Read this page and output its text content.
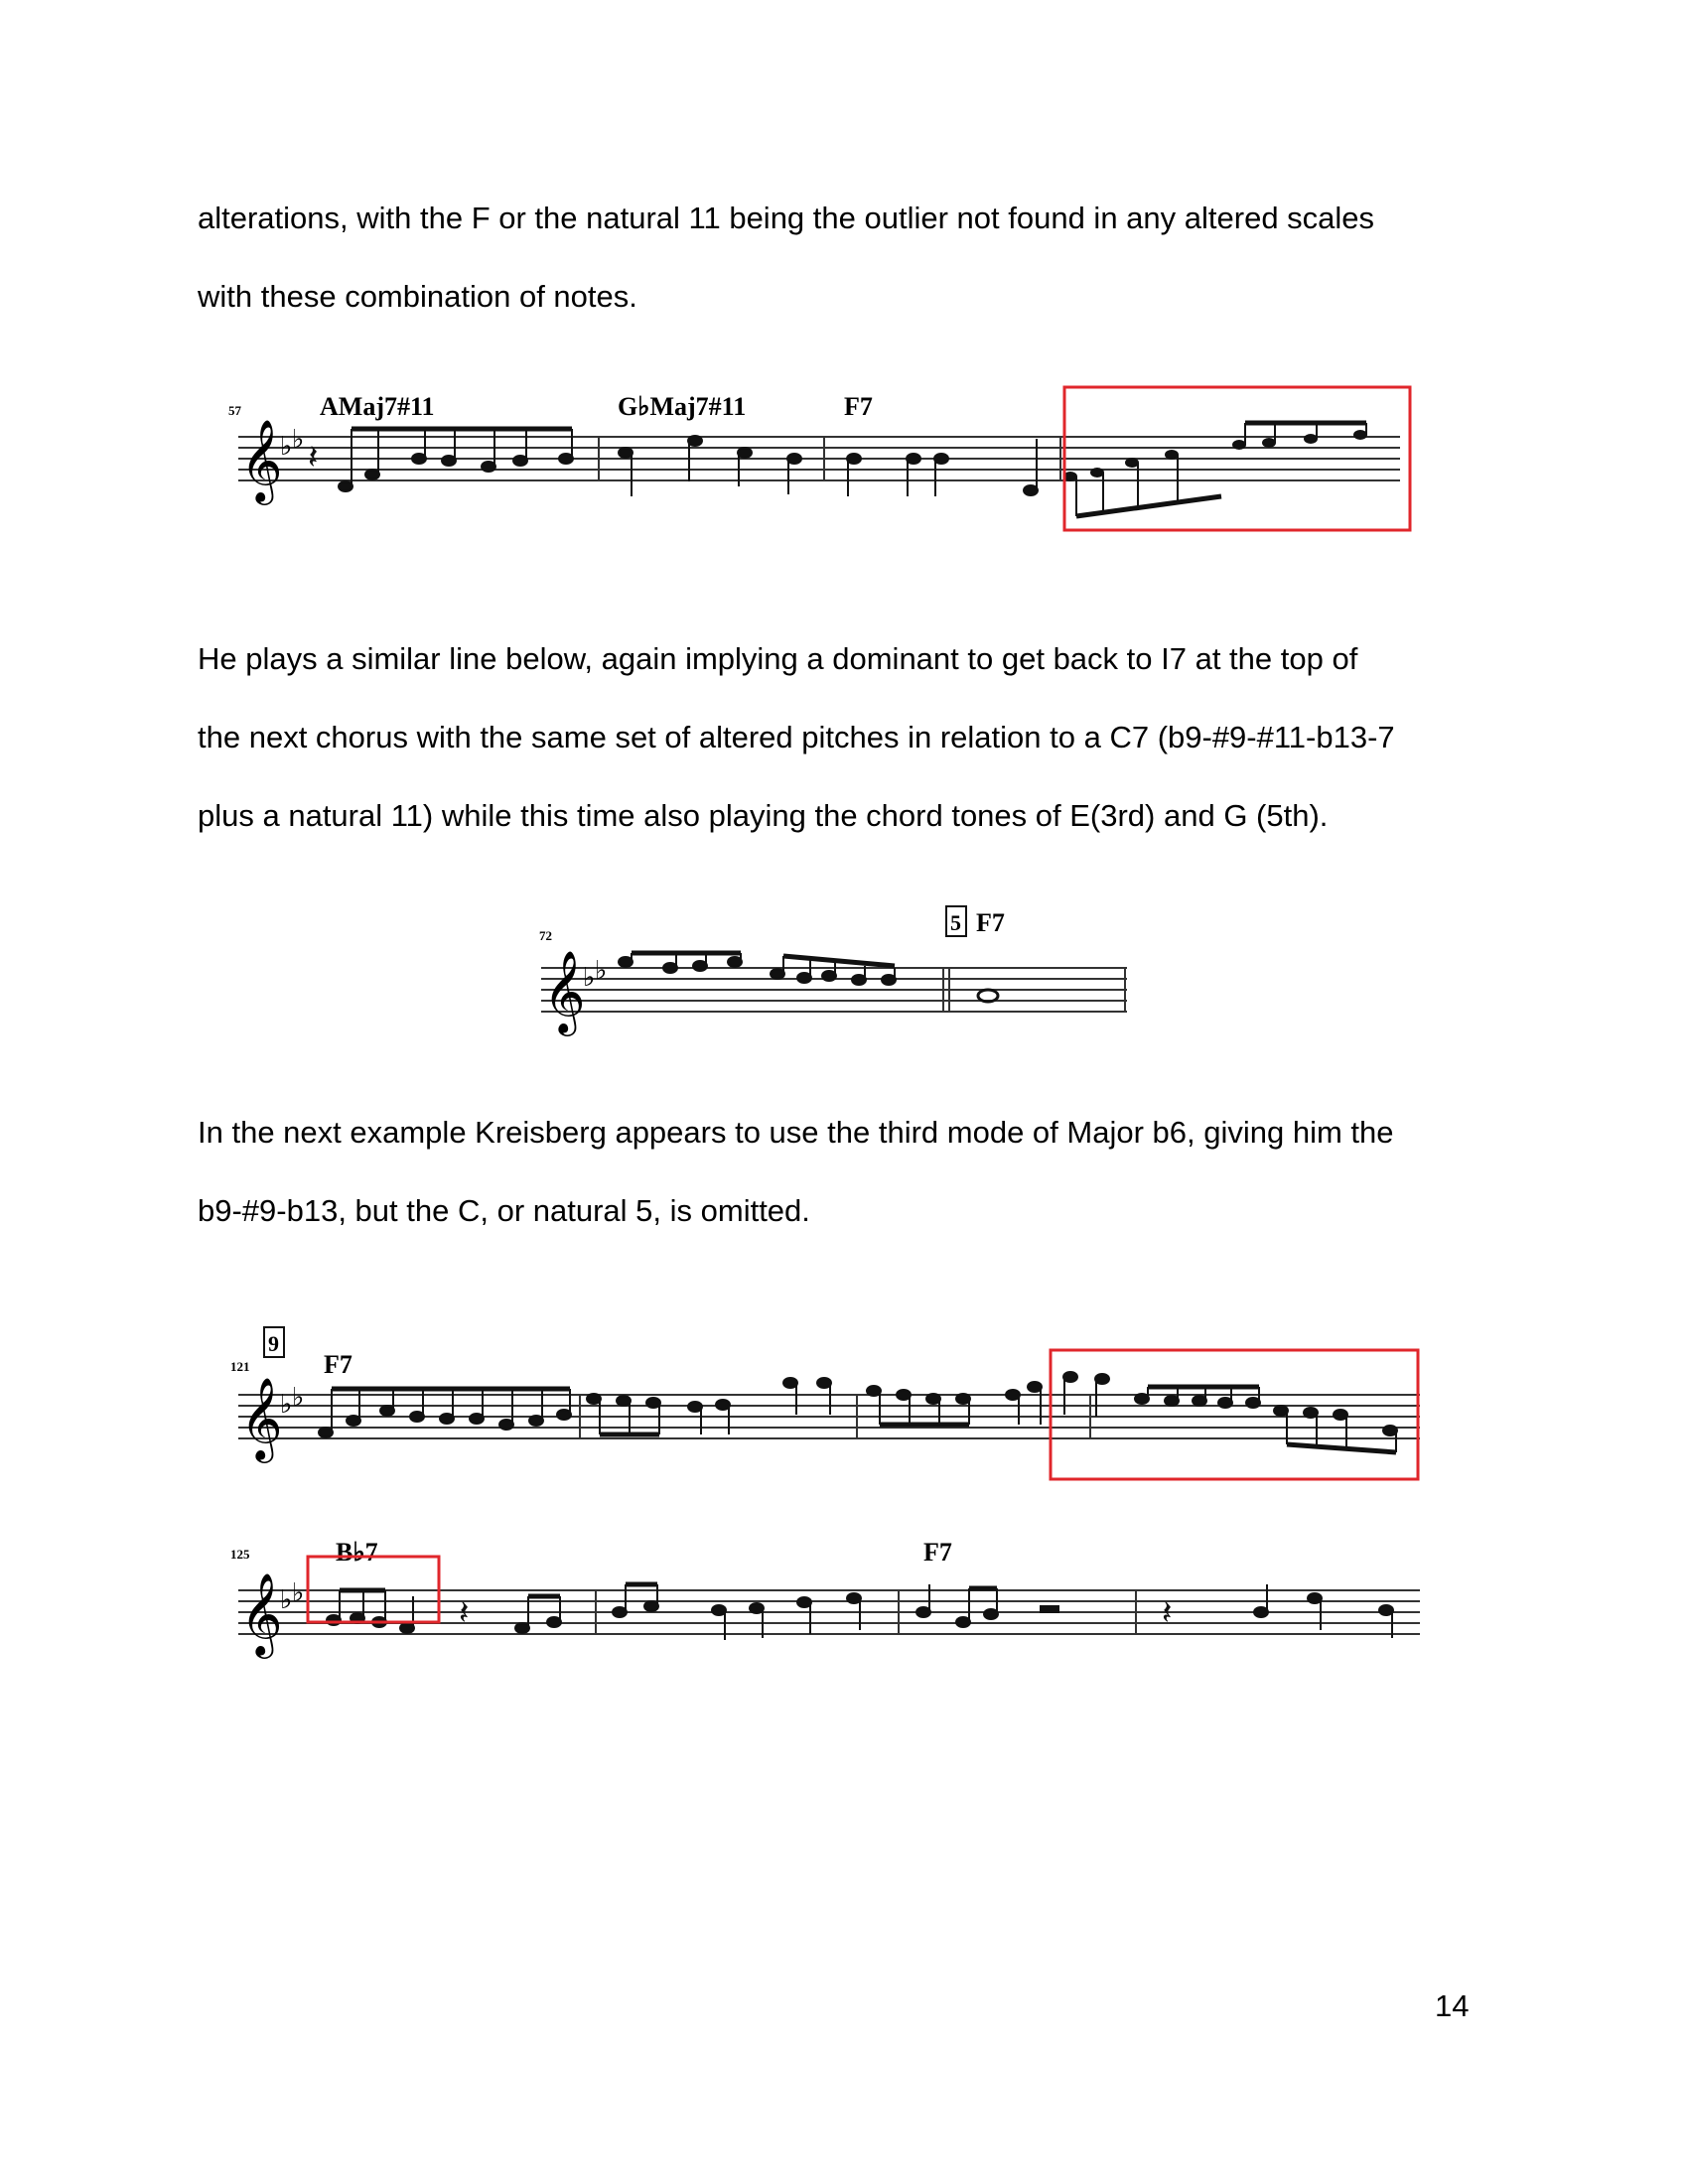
alterations, with the F or the natural 11 being the outlier not found in any altered scales
with these combination of notes.
𝄞
♭ ♭
57	AMaj7#11	G♭Maj7#11	F7
𝄽
He plays a similar line below, again implying a dominant to get back to I7 at the top of
the next chorus with the same set of altered pitches in relation to a C7 (b9-#9-#11-b13-7
plus a natural 11) while this time also playing the chord tones of E(3rd) and G (5th).
𝄞
♭ ♭
72
5 F7
In the next example Kreisberg appears to use the third mode of Major b6, giving him the
b9-#9-b13, but the C, or natural 5, is omitted.
𝄞
♭ ♭
121
9
F7
𝄞
♭ ♭
125	B♭7	F7
𝄽	𝄽
14
